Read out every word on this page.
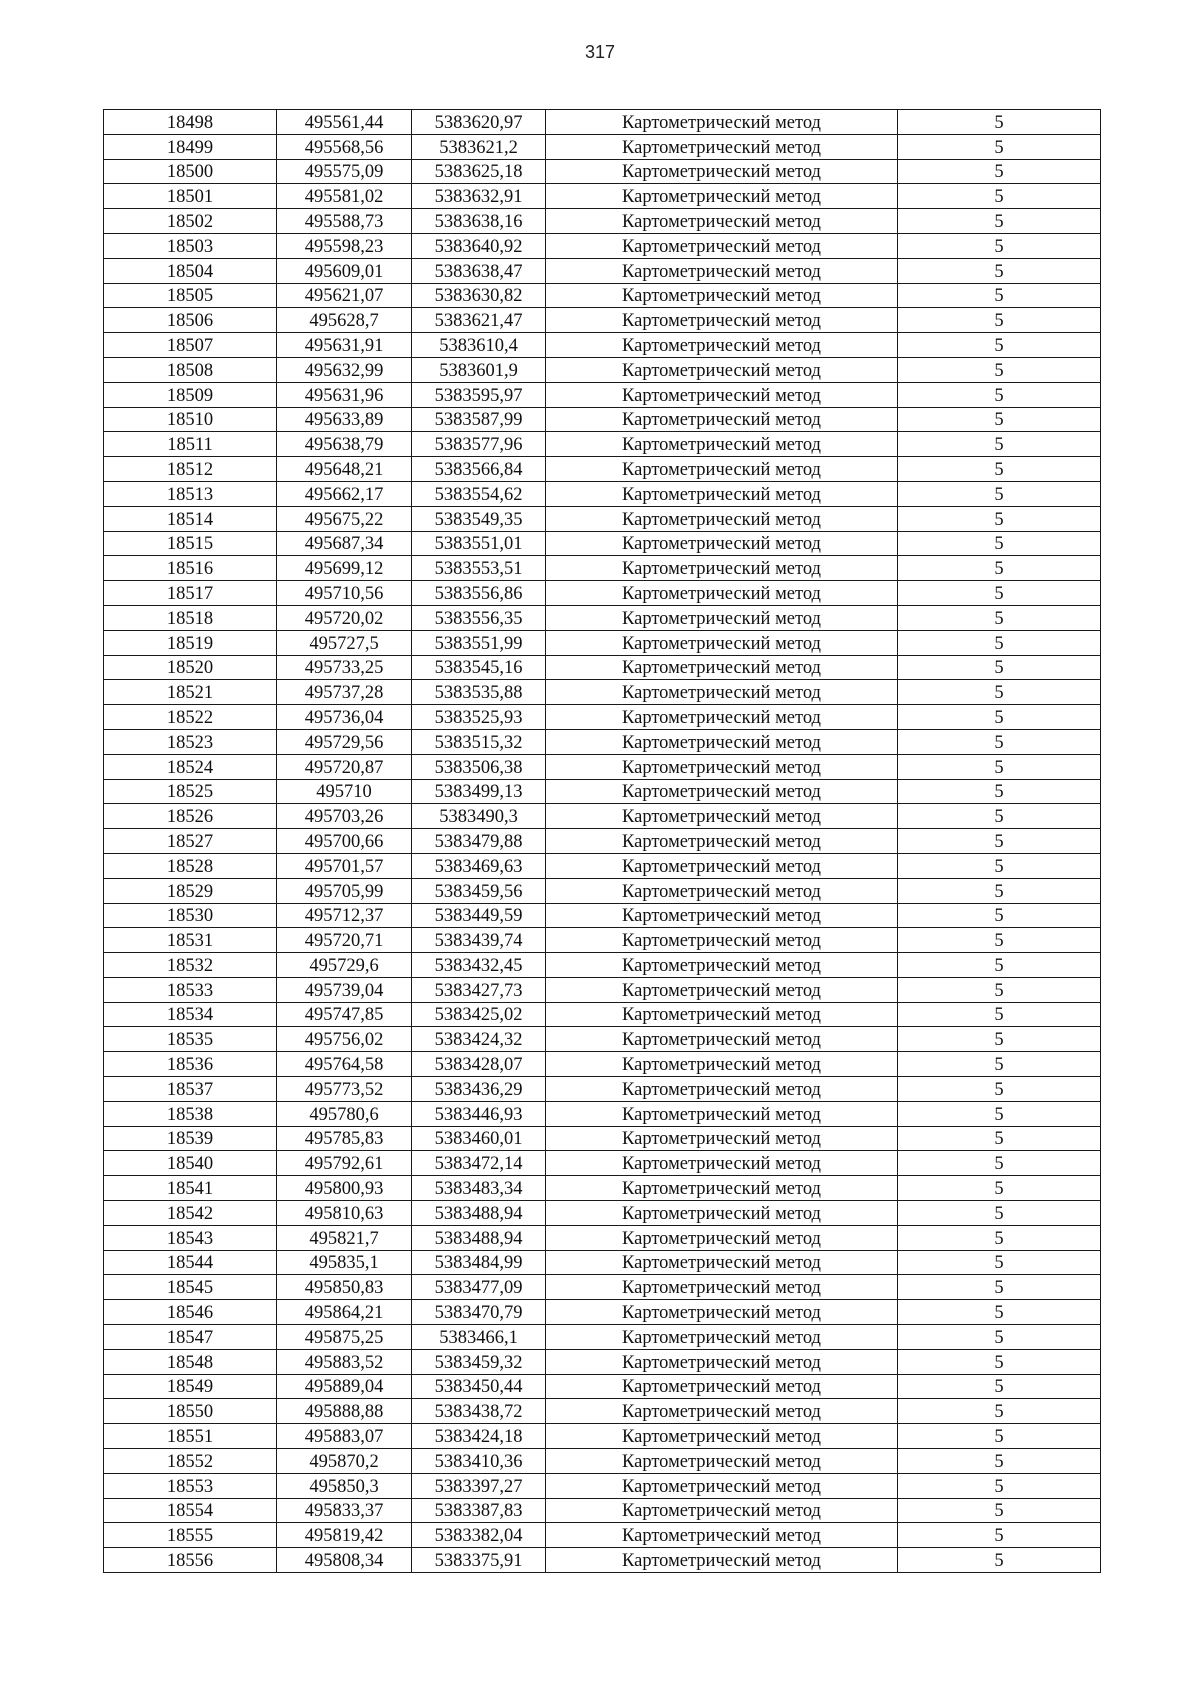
317
18498	495561,44	5383620,97	Картометрический метод	5
18499	495568,56	5383621,2	Картометрический метод	5
18500	495575,09	5383625,18	Картометрический метод	5
18501	495581,02	5383632,91	Картометрический метод	5
18502	495588,73	5383638,16	Картометрический метод	5
18503	495598,23	5383640,92	Картометрический метод	5
18504	495609,01	5383638,47	Картометрический метод	5
18505	495621,07	5383630,82	Картометрический метод	5
18506	495628,7	5383621,47	Картометрический метод	5
18507	495631,91	5383610,4	Картометрический метод	5
18508	495632,99	5383601,9	Картометрический метод	5
18509	495631,96	5383595,97	Картометрический метод	5
18510	495633,89	5383587,99	Картометрический метод	5
18511	495638,79	5383577,96	Картометрический метод	5
18512	495648,21	5383566,84	Картометрический метод	5
18513	495662,17	5383554,62	Картометрический метод	5
18514	495675,22	5383549,35	Картометрический метод	5
18515	495687,34	5383551,01	Картометрический метод	5
18516	495699,12	5383553,51	Картометрический метод	5
18517	495710,56	5383556,86	Картометрический метод	5
18518	495720,02	5383556,35	Картометрический метод	5
18519	495727,5	5383551,99	Картометрический метод	5
18520	495733,25	5383545,16	Картометрический метод	5
18521	495737,28	5383535,88	Картометрический метод	5
18522	495736,04	5383525,93	Картометрический метод	5
18523	495729,56	5383515,32	Картометрический метод	5
18524	495720,87	5383506,38	Картометрический метод	5
18525	495710	5383499,13	Картометрический метод	5
18526	495703,26	5383490,3	Картометрический метод	5
18527	495700,66	5383479,88	Картометрический метод	5
18528	495701,57	5383469,63	Картометрический метод	5
18529	495705,99	5383459,56	Картометрический метод	5
18530	495712,37	5383449,59	Картометрический метод	5
18531	495720,71	5383439,74	Картометрический метод	5
18532	495729,6	5383432,45	Картометрический метод	5
18533	495739,04	5383427,73	Картометрический метод	5
18534	495747,85	5383425,02	Картометрический метод	5
18535	495756,02	5383424,32	Картометрический метод	5
18536	495764,58	5383428,07	Картометрический метод	5
18537	495773,52	5383436,29	Картометрический метод	5
18538	495780,6	5383446,93	Картометрический метод	5
18539	495785,83	5383460,01	Картометрический метод	5
18540	495792,61	5383472,14	Картометрический метод	5
18541	495800,93	5383483,34	Картометрический метод	5
18542	495810,63	5383488,94	Картометрический метод	5
18543	495821,7	5383488,94	Картометрический метод	5
18544	495835,1	5383484,99	Картометрический метод	5
18545	495850,83	5383477,09	Картометрический метод	5
18546	495864,21	5383470,79	Картометрический метод	5
18547	495875,25	5383466,1	Картометрический метод	5
18548	495883,52	5383459,32	Картометрический метод	5
18549	495889,04	5383450,44	Картометрический метод	5
18550	495888,88	5383438,72	Картометрический метод	5
18551	495883,07	5383424,18	Картометрический метод	5
18552	495870,2	5383410,36	Картометрический метод	5
18553	495850,3	5383397,27	Картометрический метод	5
18554	495833,37	5383387,83	Картометрический метод	5
18555	495819,42	5383382,04	Картометрический метод	5
18556	495808,34	5383375,91	Картометрический метод	5
